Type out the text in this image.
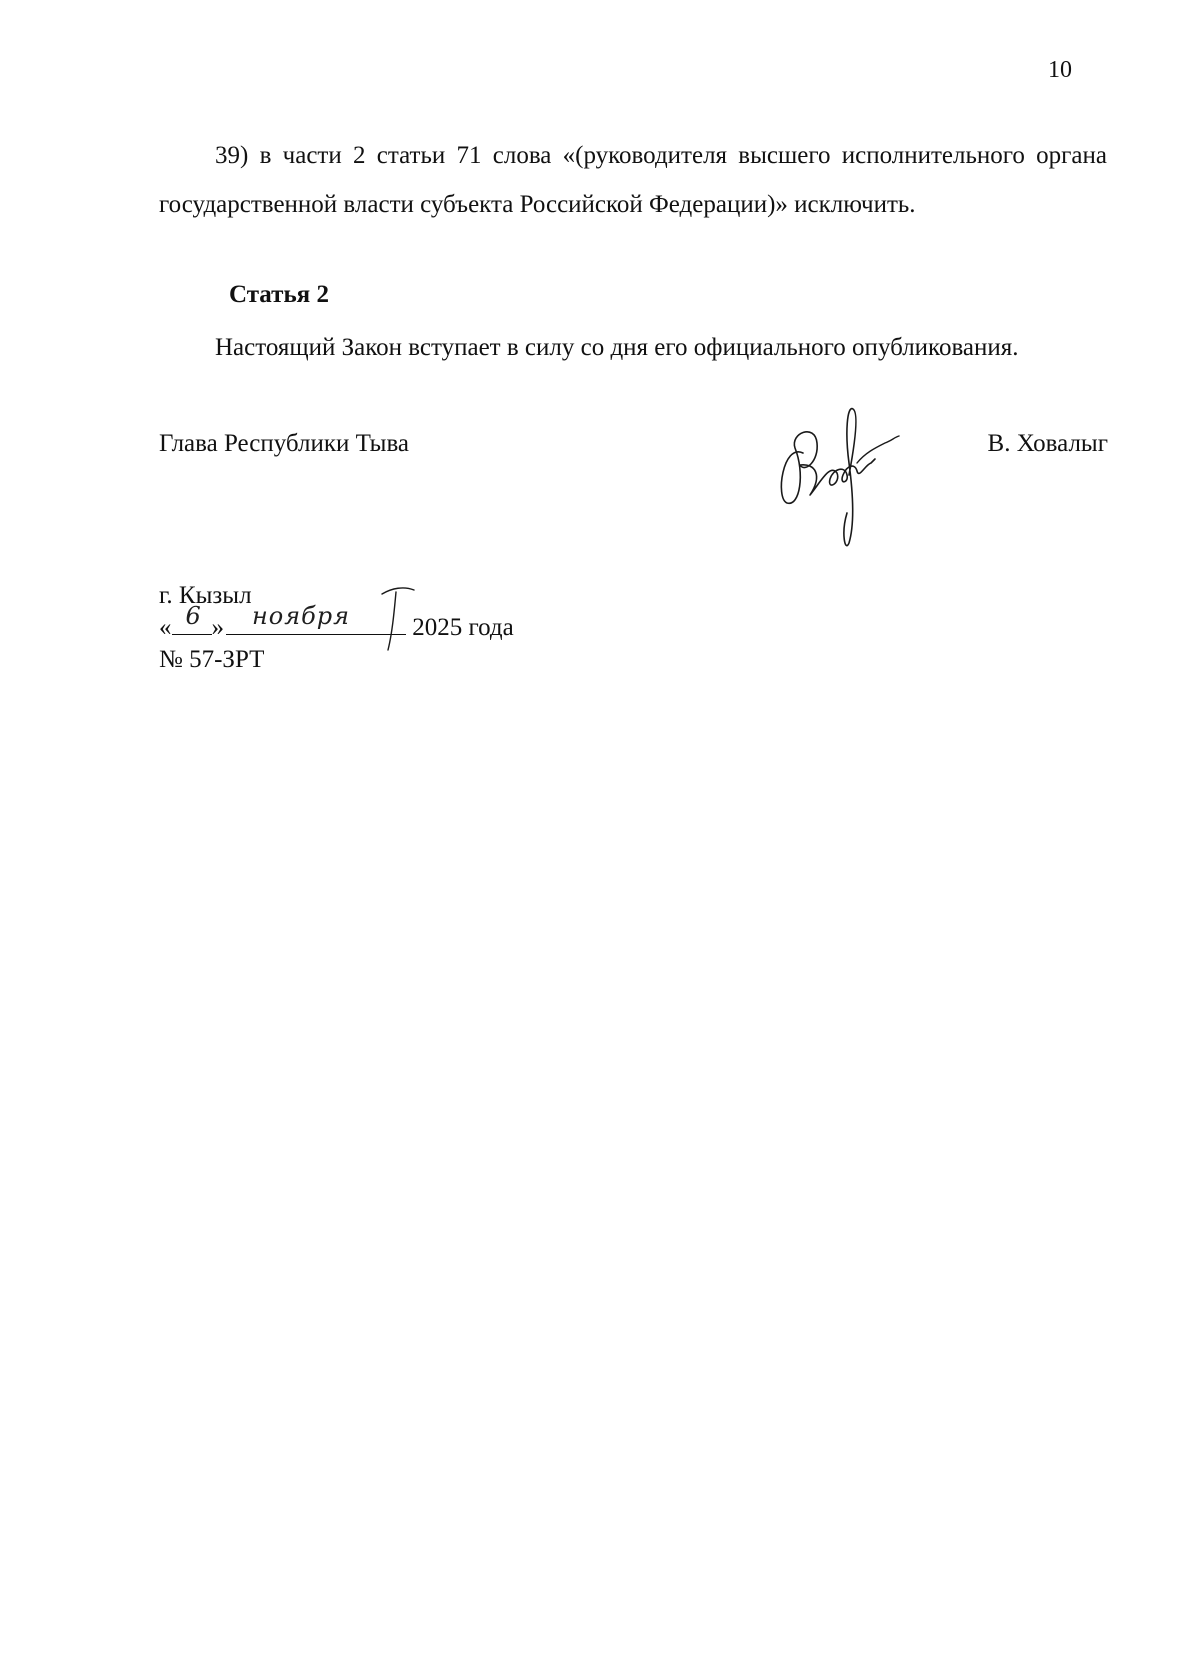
10
39) в части 2 статьи 71 слова «(руководителя высшего исполнительного органа государственной власти субъекта Российской Федерации)» исключить.
Статья 2
Настоящий Закон вступает в силу со дня его официального опубликования.
Глава Республики Тыва	В. Ховалыг
г. Кызыл
« 6 » ноября 2025 года
№ 57-ЗРТ
